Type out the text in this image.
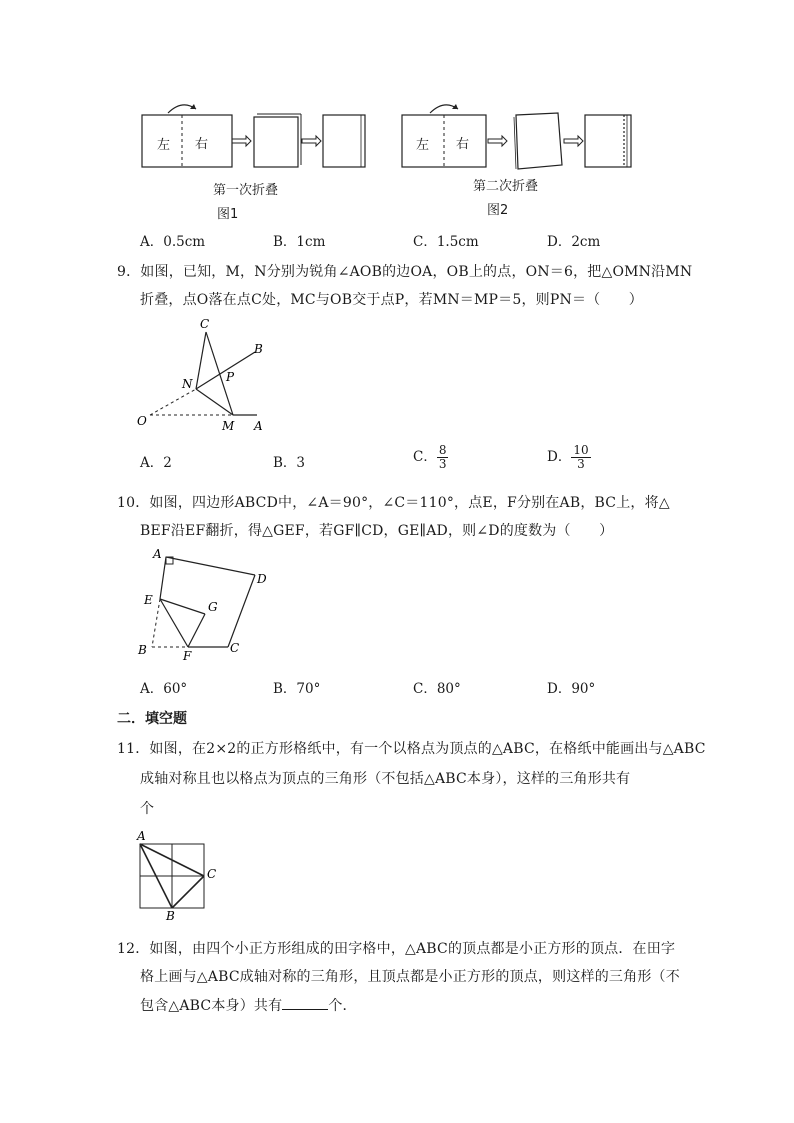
左 右	左 右
第一次折叠
图1
第二次折叠
图2
A．0.5cm	B．1cm	C．1.5cm	D．2cm
9．如图，已知，M，N分别为锐角∠AOB的边OA，OB上的点，ON＝6，把△OMN沿MN
折叠，点O落在点C处，MC与OB交于点P，若MN＝MP＝5，则PN＝（　　）
C
B
N	P
O	M A
A．2	B．3	C． $\frac{8}{3}$	D． $\frac{10}{3}$
10．如图，四边形ABCD中，∠A＝90°，∠C＝110°，点E，F分别在AB，BC上，将△
BEF沿EF翻折，得△GEF，若GF∥CD，GE∥AD，则∠D的度数为（　　）
A
D
E	G
B	F
C
A．60°	B．70°	C．80°	D．90°
二．填空题
11．如图，在2×2的正方形格纸中，有一个以格点为顶点的△ABC，在格纸中能画出与△ABC
成轴对称且也以格点为顶点的三角形（不包括△ABC本身），这样的三角形共有
个
A
B
C
12．如图，由四个小正方形组成的田字格中，△ABC的顶点都是小正方形的顶点．在田字
格上画与△ABC成轴对称的三角形，且顶点都是小正方形的顶点，则这样的三角形（不
包含△ABC本身）共有	个．
